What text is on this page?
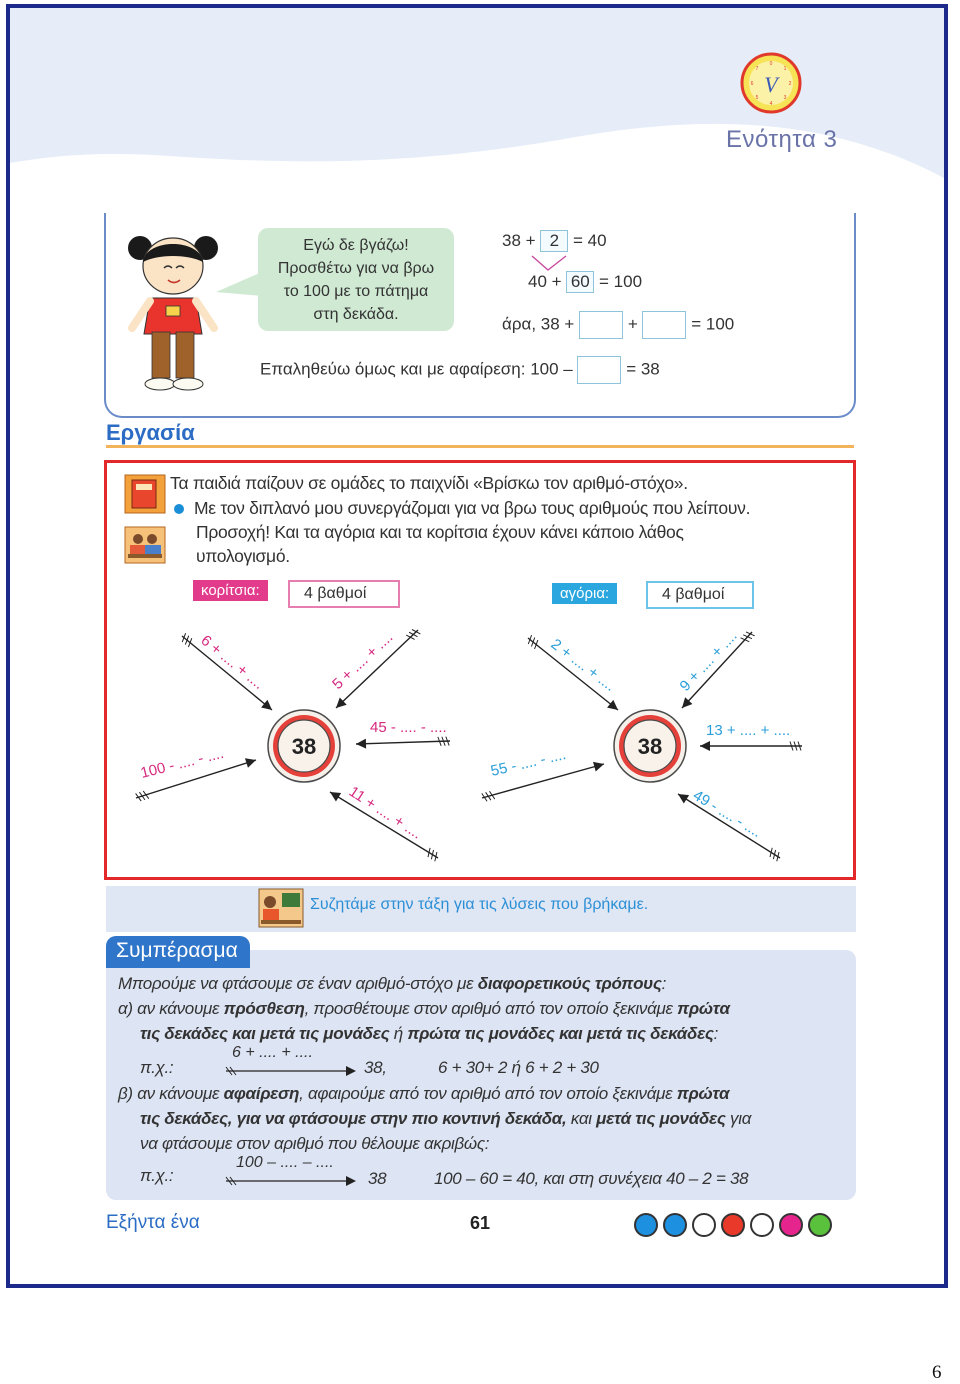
V
0
1
2
3
4
5
6
7
Ενότητα 3
Εγώ δε βγάζω!
Προσθέτω για να βρω
το 100 με το πάτημα
στη δεκάδα.
38 + 2 = 40
40 + 60 = 100
άρα, 38 +	+	= 100
Επαληθεύω όμως και με αφαίρεση: 100 –	= 38
Εργασία
Τα παιδιά παίζουν σε ομάδες το παιχνίδι «Βρίσκω τον αριθμό-στόχο».
Με τον διπλανό μου συνεργάζομαι για να βρω τους αριθμούς που λείπουν.
Προσοχή! Και τα αγόρια και τα κορίτσια έχουν κάνει κάποιο λάθος
υπολογισμό.
κορίτσια:	4 βαθμοί	αγόρια:	4 βαθμοί
38
6 + .... + ....	5 + .... + ....
45 - .... - ....
100 - .... - ....
11 + .... + ....
38
2 + .... + ....	9 + .... + ....
13 + .... + ....
55 - .... - ....
49 - .... - ....
Συζητάμε στην τάξη για τις λύσεις που βρήκαμε.
Συμπέρασμα
Μπορούμε να φτάσουμε σε έναν αριθμό-στόχο με διαφορετικούς τρόπους:
α) αν κάνουμε πρόσθεση, προσθέτουμε στον αριθμό από τον οποίο ξεκινάμε πρώτα
τις δεκάδες και μετά τις μονάδες ή πρώτα τις μονάδες και μετά τις δεκάδες:
π.χ.:
6 + .... + ....
38,	6 + 30+ 2 ή 6 + 2 + 30
β) αν κάνουμε αφαίρεση, αφαιρούμε από τον αριθμό από τον οποίο ξεκινάμε πρώτα
τις δεκάδες, για να φτάσουμε στην πιο κοντινή δεκάδα, και μετά τις μονάδες για
να φτάσουμε στον αριθμό που θέλουμε ακριβώς:
π.χ.:
100 – .... – ....
38	100 – 60 = 40, και στη συνέχεια 40 – 2 = 38
Εξήντα ένα	61
6
